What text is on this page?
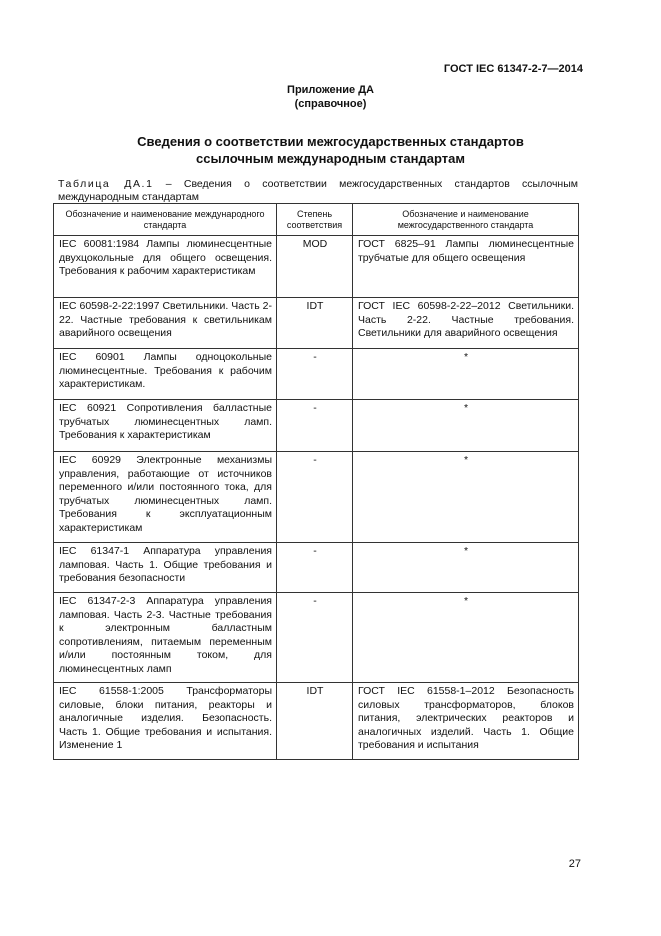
ГОСТ IEC 61347-2-7—2014
Приложение ДА
(справочное)
Сведения о соответствии межгосударственных стандартов
ссылочным международным стандартам
Таблица ДА.1 – Сведения о соответствии межгосударственных стандартов ссылочным
международным стандартам
Обозначение и наименование международного стандарта	Степень соответствия	Обозначение и наименование межгосударственного стандарта
IEC 60081:1984 Лампы люминесцентные двухцокольные для общего освещения. Требования к рабочим характеристикам	MOD	ГОСТ 6825–91 Лампы люминесцентные трубчатые для общего освещения
IEC 60598-2-22:1997 Светильники. Часть 2-22. Частные требования к светильникам аварийного освещения	IDT	ГОСТ IEC 60598-2-22–2012 Светильники. Часть 2-22. Частные требования. Светильники для аварийного освещения
IEC 60901 Лампы одноцокольные люминесцентные. Требования к рабочим характеристикам.	-	*
IEC 60921 Сопротивления балластные трубчатых люминесцентных ламп. Требования к характеристикам	-	*
IEC 60929 Электронные механизмы управления, работающие от источников переменного и/или постоянного тока, для трубчатых люминесцентных ламп. Требования к эксплуатационным характеристикам	-	*
IEC 61347-1 Аппаратура управления ламповая. Часть 1. Общие требования и требования безопасности	-	*
IEC 61347-2-3 Аппаратура управления ламповая. Часть 2-3. Частные требования к электронным балластным сопротивлениям, питаемым переменным и/или постоянным током, для люминесцентных ламп	-	*
IEC 61558-1:2005 Трансформаторы силовые, блоки питания, реакторы и аналогичные изделия. Безопасность. Часть 1. Общие требования и испытания. Изменение 1	IDT	ГОСТ IEC 61558-1–2012 Безопасность силовых трансформаторов, блоков питания, электрических реакторов и аналогичных изделий. Часть 1. Общие требования и испытания
27
